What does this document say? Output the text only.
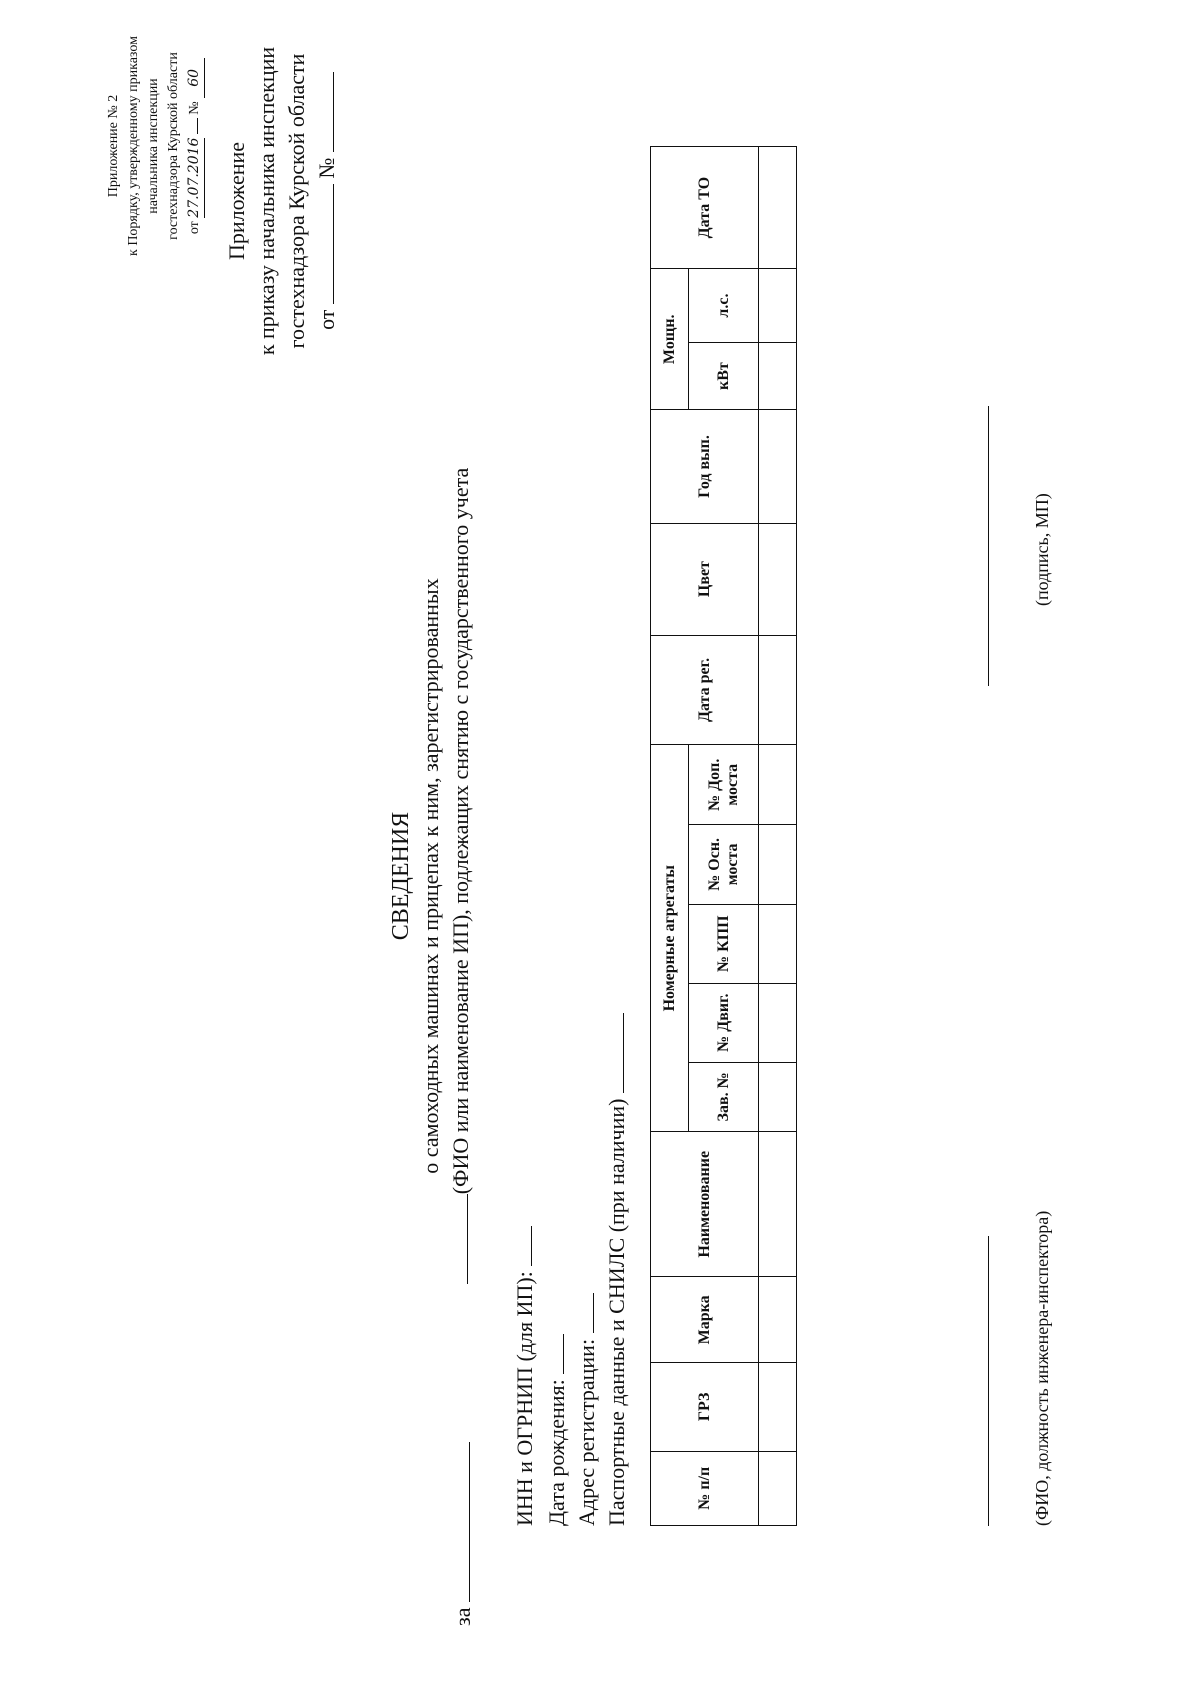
Приложение № 2 к Порядку, утвержденному приказом начальника инспекции гостехнадзора Курской области от 27.07.2016  № 60
Приложение к приказу начальника инспекции гостехнадзора Курской области от  №
СВЕДЕНИЯ о самоходных машинах и прицепах к ним, зарегистрированных (ФИО или наименование ИП), подлежащих снятию с государственного учета
за
ИНН и ОГРНИП (для ИП): Дата рождения: Адрес регистрации: Паспортные данные и СНИЛС (при наличии)	№ п/п	ГРЗ	Марка	Наименование	Номерные агрегаты					Дата рег.	Цвет	Год вып.	Мощн.		Дата ТО
				Зав. №	№ Двиг.	№ КПП	№ Осн. моста	№ Доп. моста				кВт	л.с.	

(ФИО, должность инженера-инспектора)
(подпись, МП)
